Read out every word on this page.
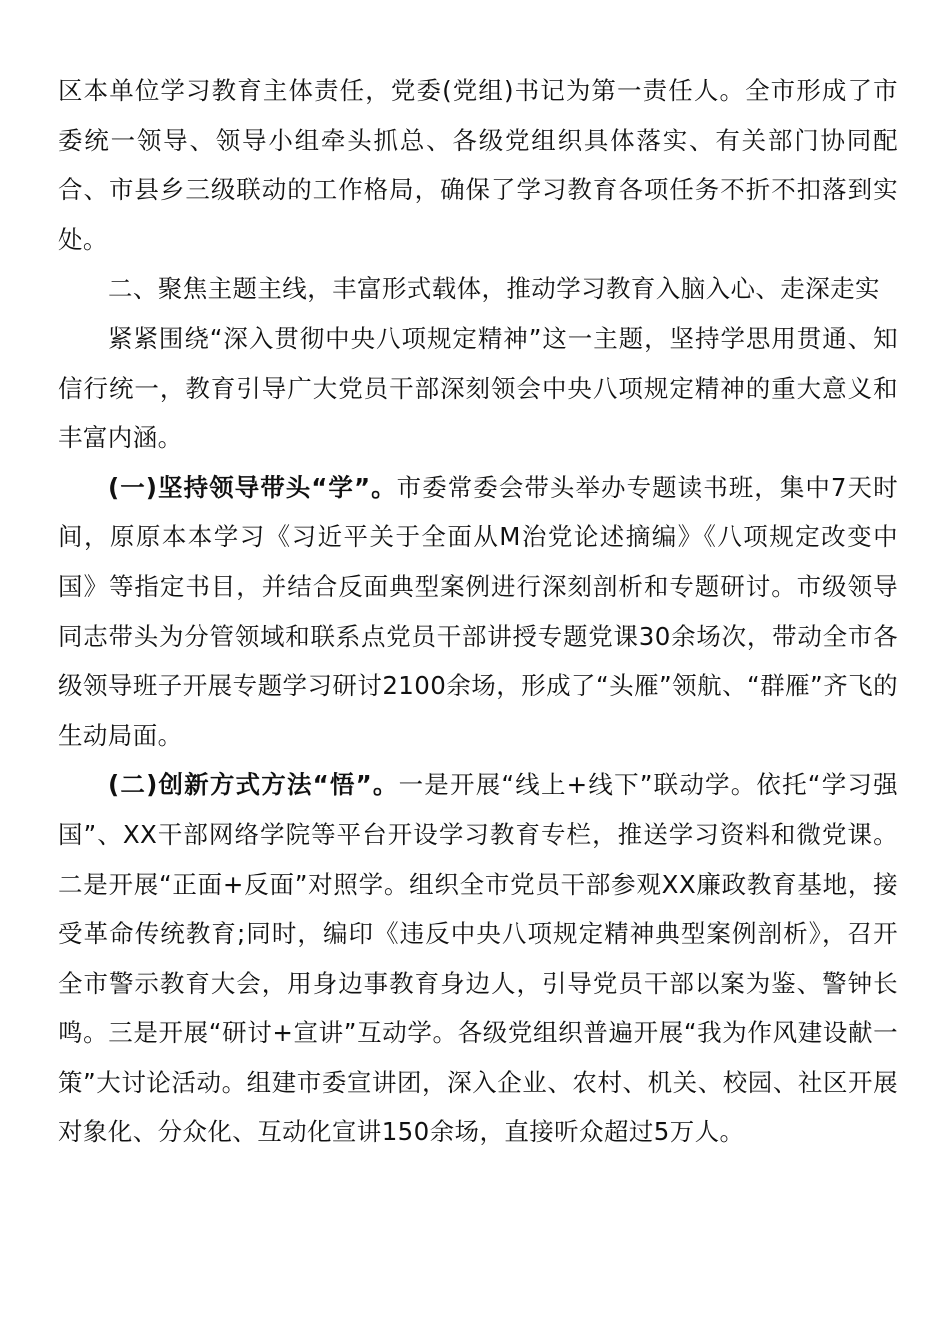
区本单位学习教育主体责任，党委(党组)书记为第一责任人。全市形成了市委统一领导、领导小组牵头抓总、各级党组织具体落实、有关部门协同配合、市县乡三级联动的工作格局，确保了学习教育各项任务不折不扣落到实处。

二、聚焦主题主线，丰富形式载体，推动学习教育入脑入心、走深走实

紧紧围绕“深入贯彻中央八项规定精神”这一主题，坚持学思用贯通、知信行统一，教育引导广大党员干部深刻领会中央八项规定精神的重大意义和丰富内涵。

(一)坚持领导带头“学”。市委常委会带头举办专题读书班，集中7天时间，原原本本学习《习近平关于全面从M治党论述摘编》《八项规定改变中国》等指定书目，并结合反面典型案例进行深刻剖析和专题研讨。市级领导同志带头为分管领域和联系点党员干部讲授专题党课30余场次，带动全市各级领导班子开展专题学习研讨2100余场，形成了“头雁”领航、“群雁”齐飞的生动局面。

(二)创新方式方法“悟”。一是开展“线上+线下”联动学。依托“学习强国”、XX干部网络学院等平台开设学习教育专栏，推送学习资料和微党课。二是开展“正面+反面”对照学。组织全市党员干部参观XX廉政教育基地，接受革命传统教育;同时，编印《违反中央八项规定精神典型案例剖析》，召开全市警示教育大会，用身边事教育身边人，引导党员干部以案为鉴、警钟长鸣。三是开展“研讨+宣讲”互动学。各级党组织普遍开展“我为作风建设献一策”大讨论活动。组建市委宣讲团，深入企业、农村、机关、校园、社区开展对象化、分众化、互动化宣讲150余场，直接听众超过5万人。
